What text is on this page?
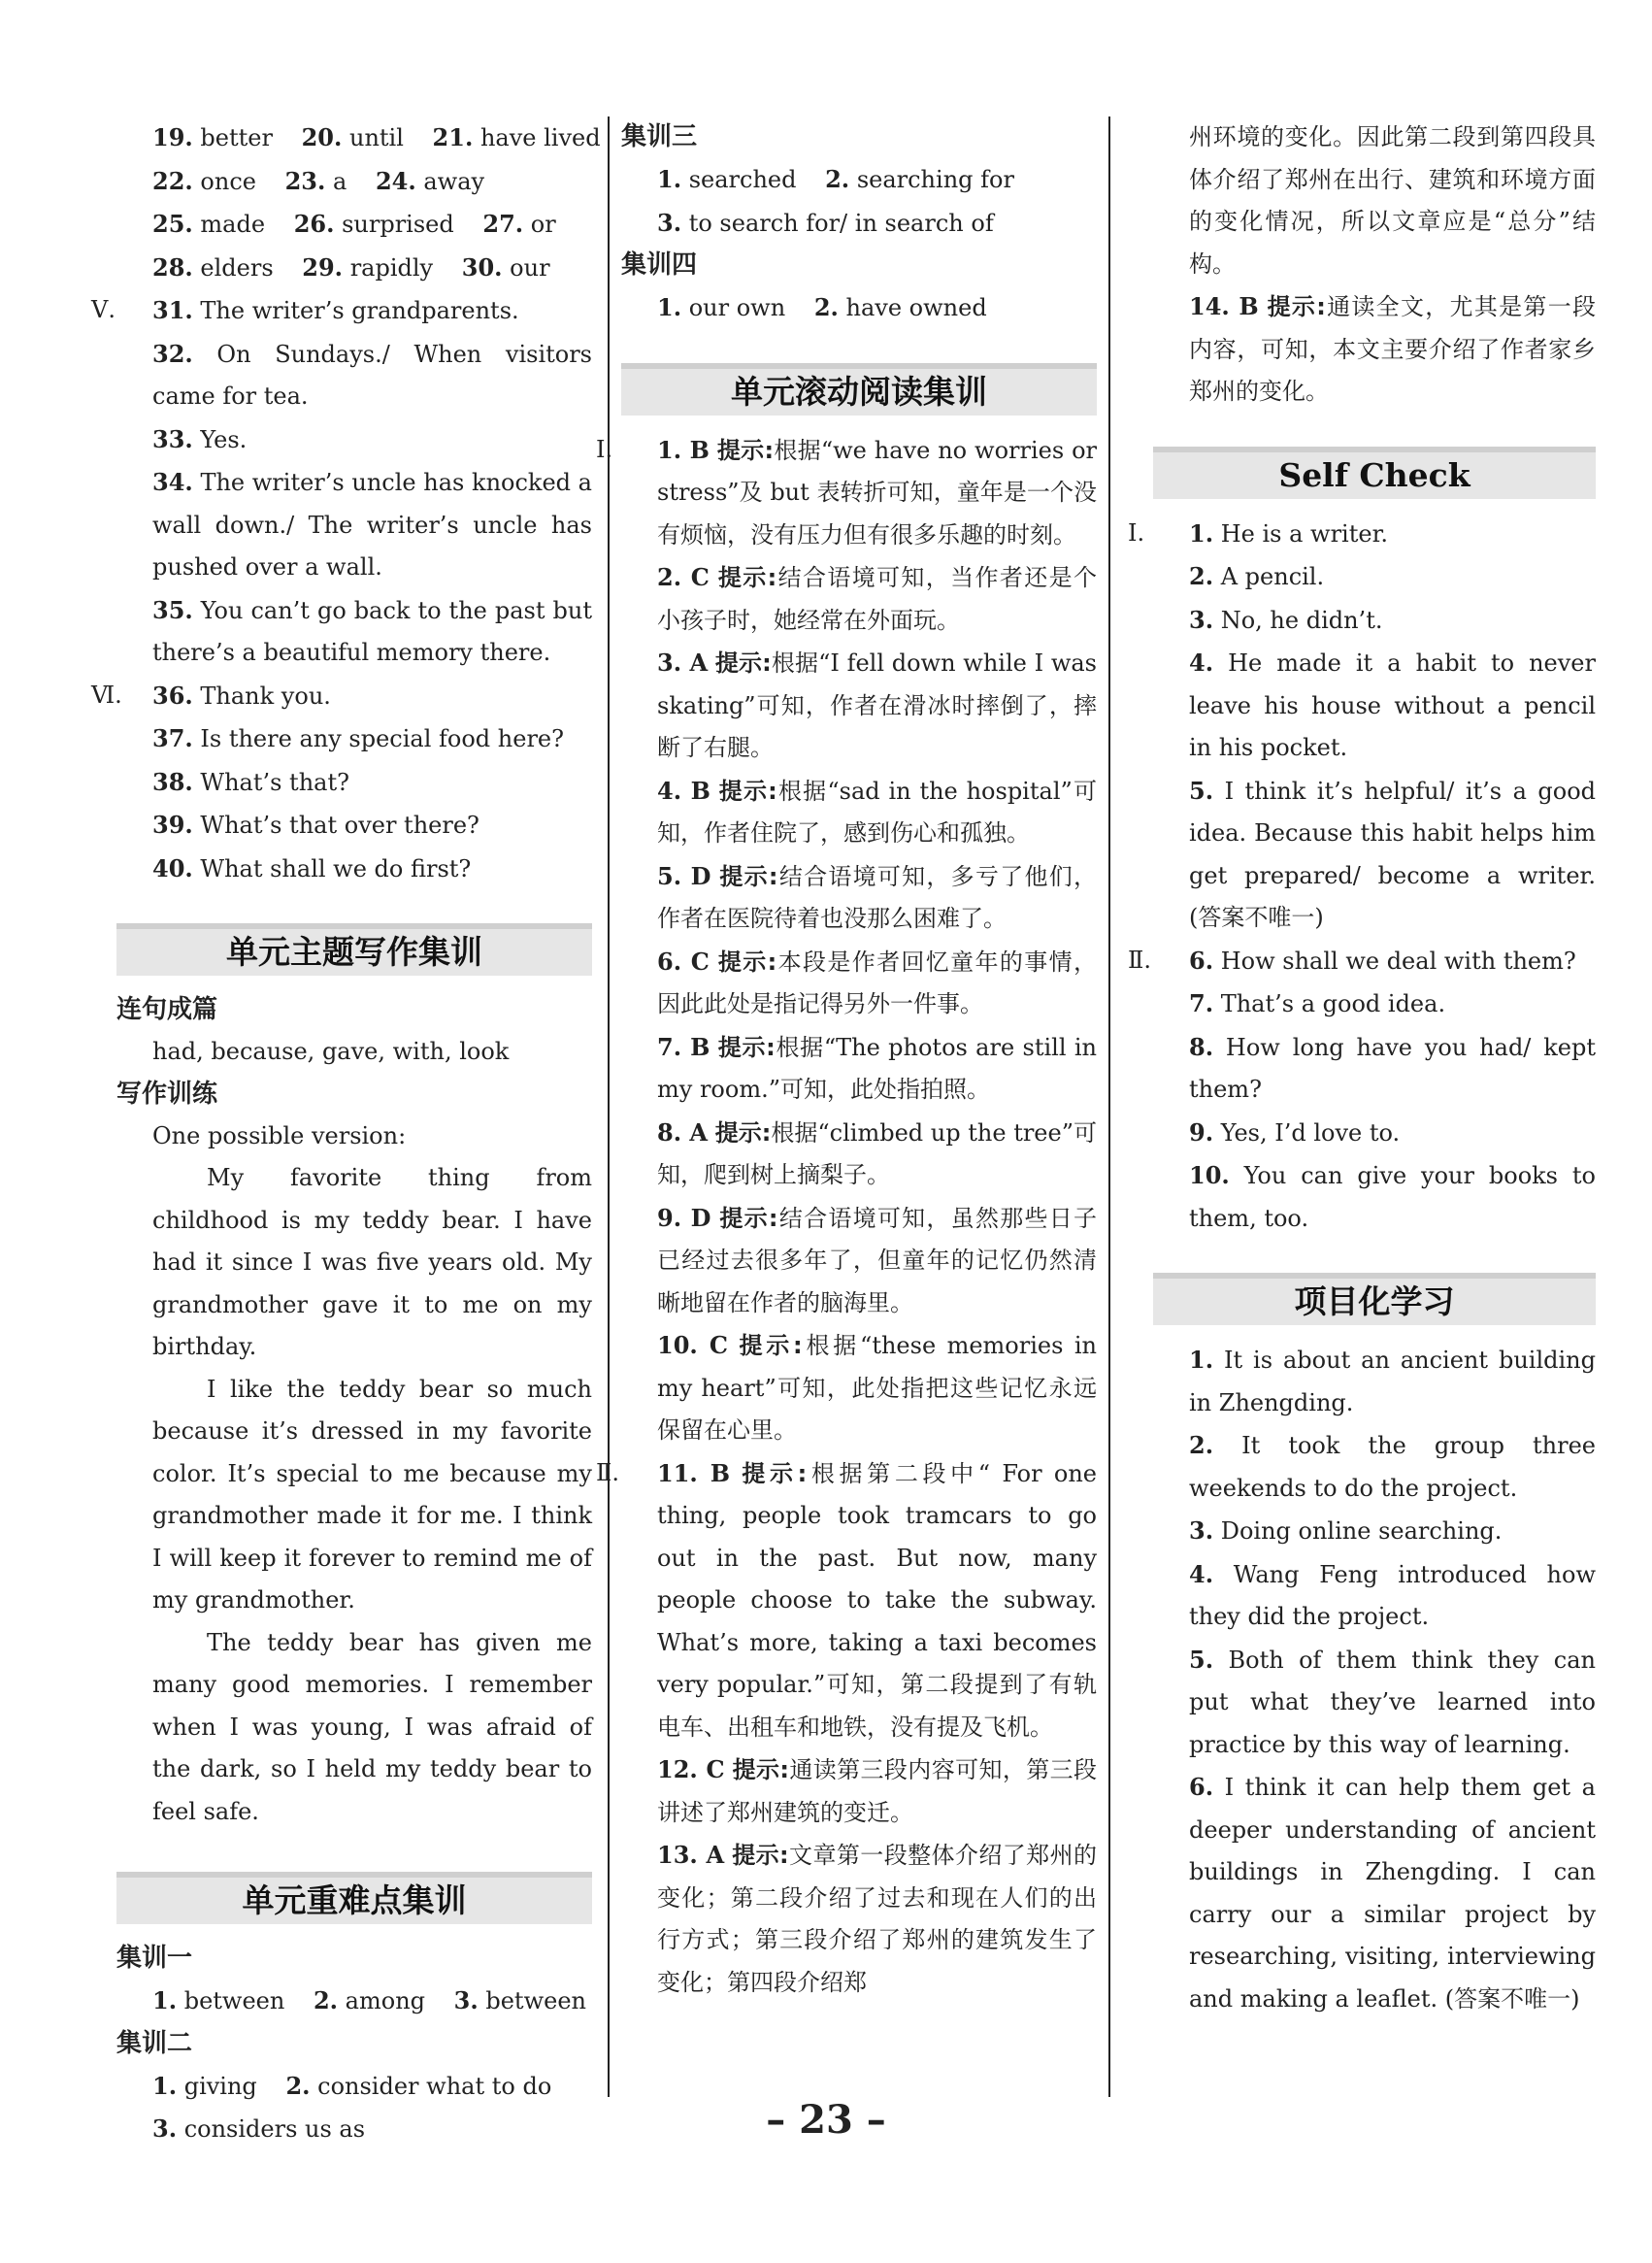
19. better 20. until 21. have lived
22. once 23. a 24. away
25. made 26. surprised 27. or
28. elders 29. rapidly 30. our
Ⅴ. 31. The writer’s grandparents.
32. On Sundays./ When visitors came for tea.
33. Yes.
34. The writer’s uncle has knocked a wall down./ The writer’s uncle has pushed over a wall.
35. You can’t go back to the past but there’s a beautiful memory there.
Ⅵ. 36. Thank you.
37. Is there any special food here?
38. What’s that?
39. What’s that over there?
40. What shall we do first?
单元主题写作集训
连句成篇
had, because, gave, with, look
写作训练
One possible version:
My favorite thing from childhood is my teddy bear. I have had it since I was five years old. My grandmother gave it to me on my birthday.
I like the teddy bear so much because it’s dressed in my favorite color. It’s special to me because my grandmother made it for me. I think I will keep it forever to remind me of my grandmother.
The teddy bear has given me many good memories. I remember when I was young, I was afraid of the dark, so I held my teddy bear to feel safe.
单元重难点集训
集训一
1. between 2. among 3. between
集训二
1. giving 2. consider what to do
3. considers us as
集训三
1. searched 2. searching for
3. to search for/ in search of
集训四
1. our own 2. have owned
单元滚动阅读集训
Ⅰ. 1. B 提示:根据“we have no worries or stress”及 but 表转折可知，童年是一个没有烦恼，没有压力但有很多乐趣的时刻。
2. C 提示:结合语境可知，当作者还是个小孩子时，她经常在外面玩。
3. A 提示:根据“I fell down while I was skating”可知，作者在滑冰时摔倒了，摔断了右腿。
4. B 提示:根据“sad in the hospital”可知，作者住院了，感到伤心和孤独。
5. D 提示:结合语境可知，多亏了他们，作者在医院待着也没那么困难了。
6. C 提示:本段是作者回忆童年的事情，因此此处是指记得另外一件事。
7. B 提示:根据“The photos are still in my room.”可知，此处指拍照。
8. A 提示:根据“climbed up the tree”可知，爬到树上摘梨子。
9. D 提示:结合语境可知，虽然那些日子已经过去很多年了，但童年的记忆仍然清晰地留在作者的脑海里。
10. C 提示:根据“these memories in my heart”可知，此处指把这些记忆永远保留在心里。
Ⅱ. 11. B 提示:根据第二段中“ For one thing, people took tramcars to go out in the past. But now, many people choose to take the subway. What’s more, taking a taxi becomes very popular.”可知，第二段提到了有轨电车、出租车和地铁，没有提及飞机。
12. C 提示:通读第三段内容可知，第三段讲述了郑州建筑的变迁。
13. A 提示:文章第一段整体介绍了郑州的变化；第二段介绍了过去和现在人们的出行方式；第三段介绍了郑州的建筑发生了变化；第四段介绍郑
州环境的变化。因此第二段到第四段具体介绍了郑州在出行、建筑和环境方面的变化情况，所以文章应是“总分”结构。
14. B 提示:通读全文，尤其是第一段内容，可知，本文主要介绍了作者家乡郑州的变化。
Self Check
Ⅰ. 1. He is a writer.
2. A pencil.
3. No, he didn’t.
4. He made it a habit to never leave his house without a pencil in his pocket.
5. I think it’s helpful/ it’s a good idea. Because this habit helps him get prepared/ become a writer. (答案不唯一)
Ⅱ. 6. How shall we deal with them?
7. That’s a good idea.
8. How long have you had/ kept them?
9. Yes, I’d love to.
10. You can give your books to them, too.
项目化学习
1. It is about an ancient building in Zhengding.
2. It took the group three weekends to do the project.
3. Doing online searching.
4. Wang Feng introduced how they did the project.
5. Both of them think they can put what they’ve learned into practice by this way of learning.
6. I think it can help them get a deeper understanding of ancient buildings in Zhengding. I can carry our a similar project by researching, visiting, interviewing and making a leaflet. (答案不唯一)
– 23 –
